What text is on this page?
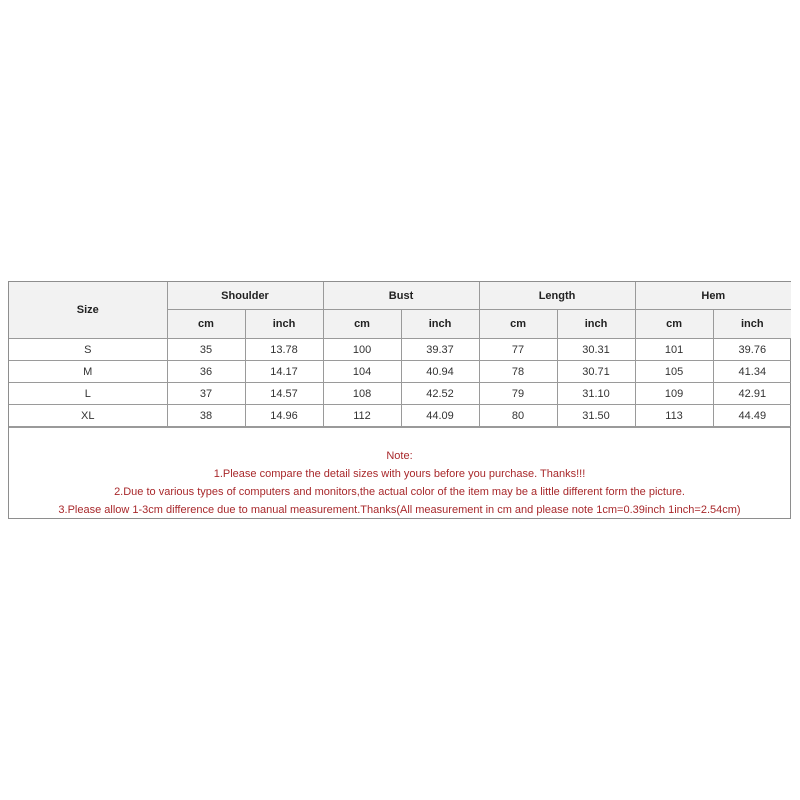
Size	Shoulder		Bust		Length		Hem	
	cm	inch	cm	inch	cm	inch	cm	inch
S	35	13.78	100	39.37	77	30.31	101	39.76
M	36	14.17	104	40.94	78	30.71	105	41.34
L	37	14.57	108	42.52	79	31.10	109	42.91
XL	38	14.96	112	44.09	80	31.50	113	44.49
Note:
1.Please compare the detail sizes with yours before you purchase. Thanks!!!
2.Due to various types of computers and monitors,the actual color of the item may be a little different form the picture.
3.Please allow 1-3cm difference due to manual measurement.Thanks(All measurement in cm and please note 1cm=0.39inch 1inch=2.54cm)
